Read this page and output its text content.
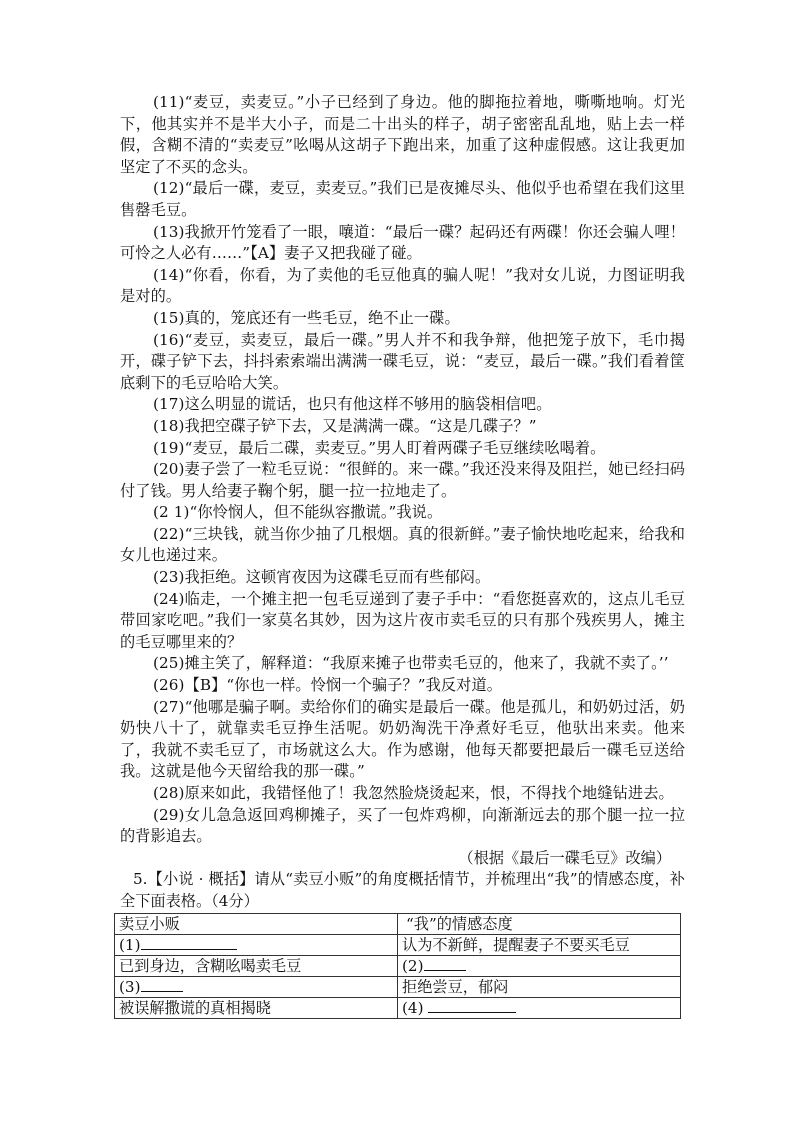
(11)“麦豆，卖麦豆。”小子已经到了身边。他的脚拖拉着地，嘶嘶地响。灯光下，他其实并不是半大小子，而是二十出头的样子，胡子密密乱乱地，贴上去一样假，含糊不清的“卖麦豆”吆喝从这胡子下跑出来，加重了这种虚假感。这让我更加坚定了不买的念头。

(12)“最后一碟，麦豆，卖麦豆。”我们已是夜摊尽头、他似乎也希望在我们这里售罄毛豆。

(13)我掀开竹笼看了一眼，嚷道：“最后一碟？起码还有两碟！你还会骗人哩！可怜之人必有……”【A】妻子又把我碰了碰。

(14)“你看，你看，为了卖他的毛豆他真的骗人呢！”我对女儿说，力图证明我是对的。

(15)真的，笼底还有一些毛豆，绝不止一碟。

(16)“麦豆，卖麦豆，最后一碟。”男人并不和我争辩，他把笼子放下，毛巾揭开，碟子铲下去，抖抖索索端出满满一碟毛豆，说：“麦豆，最后一碟。”我们看着筐底剩下的毛豆哈哈大笑。

(17)这么明显的谎话，也只有他这样不够用的脑袋相信吧。

(18)我把空碟子铲下去，又是满满一碟。“这是几碟子？”

(19)“麦豆，最后二碟，卖麦豆。”男人盯着两碟子毛豆继续吆喝着。

(20)妻子尝了一粒毛豆说：“很鲜的。来一碟。”我还没来得及阻拦，她已经扫码付了钱。男人给妻子鞠个躬，腿一拉一拉地走了。

(2 1)“你怜悯人，但不能纵容撒谎。”我说。

(22)“三块钱，就当你少抽了几根烟。真的很新鲜。”妻子愉快地吃起来，给我和女儿也递过来。

(23)我拒绝。这顿宵夜因为这碟毛豆而有些郁闷。

(24)临走，一个摊主把一包毛豆递到了妻子手中：“看您挺喜欢的，这点儿毛豆带回家吃吧。”我们一家莫名其妙，因为这片夜市卖毛豆的只有那个残疾男人，摊主的毛豆哪里来的？

(25)摊主笑了，解释道：“我原来摊子也带卖毛豆的，他来了，我就不卖了。’’

(26)【B】“你也一样。怜悯一个骗子？”我反对道。

(27)“他哪是骗子啊。卖给你们的确实是最后一碟。他是孤儿，和奶奶过活，奶奶快八十了，就靠卖毛豆挣生活呢。奶奶淘洗干净煮好毛豆，他驮出来卖。他来了，我就不卖毛豆了，市场就这么大。作为感谢，他每天都要把最后一碟毛豆送给我。这就是他今天留给我的那一碟。”

(28)原来如此，我错怪他了！我忽然脸烧烫起来，恨，不得找个地缝钻进去。

(29)女儿急急返回鸡柳摊子，买了一包炸鸡柳，向渐渐远去的那个腿一拉一拉的背影追去。

（根据《最后一碟毛豆》改编）

5.【小说 · 概括】请从“卖豆小贩”的角度概括情节，并梳理出“我”的情感态度，补全下面表格。（4分）

卖豆小贩	“我”的情感态度
(1)	认为不新鲜，提醒妻子不要买毛豆
已到身边，含糊吆喝卖毛豆	(2)
(3)	拒绝尝豆，郁闷
被误解撒谎的真相揭晓	(4)
